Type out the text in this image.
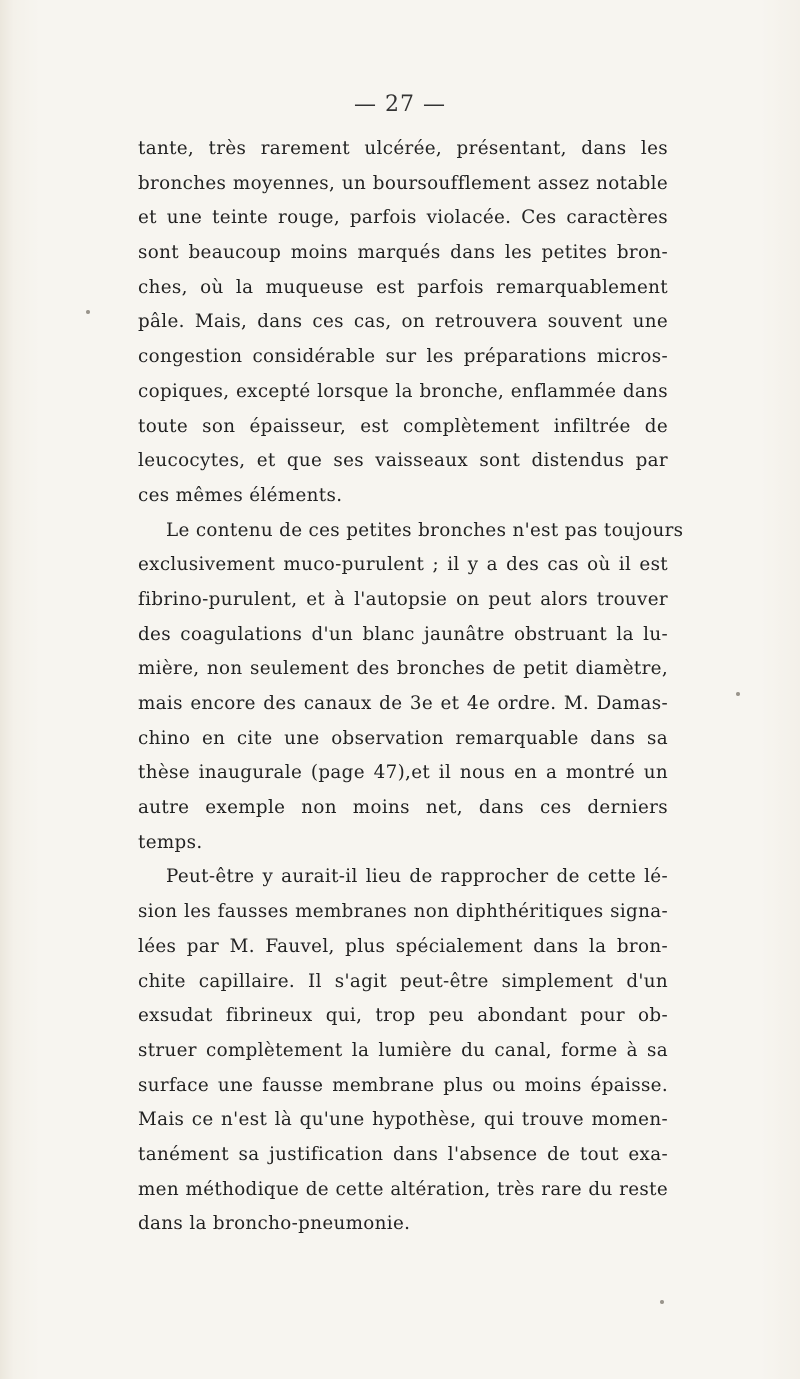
— 27 —

tante, très rarement ulcérée, présentant, dans les
bronches moyennes, un boursoufflement assez notable
et une teinte rouge, parfois violacée. Ces caractères
sont beaucoup moins marqués dans les petites bron-
ches, où la muqueuse est parfois remarquablement
pâle. Mais, dans ces cas, on retrouvera souvent une
congestion considérable sur les préparations micros-
copiques, excepté lorsque la bronche, enflammée dans
toute son épaisseur, est complètement infiltrée de
leucocytes, et que ses vaisseaux sont distendus par
ces mêmes éléments.

Le contenu de ces petites bronches n'est pas toujours
exclusivement muco-purulent ; il y a des cas où il est
fibrino-purulent, et à l'autopsie on peut alors trouver
des coagulations d'un blanc jaunâtre obstruant la lu-
mière, non seulement des bronches de petit diamètre,
mais encore des canaux de 3e et 4e ordre. M. Damas-
chino en cite une observation remarquable dans sa
thèse inaugurale (page 47),et il nous en a montré un
autre exemple non moins net, dans ces derniers
temps.

Peut-être y aurait-il lieu de rapprocher de cette lé-
sion les fausses membranes non diphthéritiques signa-
lées par M. Fauvel, plus spécialement dans la bron-
chite capillaire. Il s'agit peut-être simplement d'un
exsudat fibrineux qui, trop peu abondant pour ob-
struer complètement la lumière du canal, forme à sa
surface une fausse membrane plus ou moins épaisse.
Mais ce n'est là qu'une hypothèse, qui trouve momen-
tanément sa justification dans l'absence de tout exa-
men méthodique de cette altération, très rare du reste
dans la broncho-pneumonie.
